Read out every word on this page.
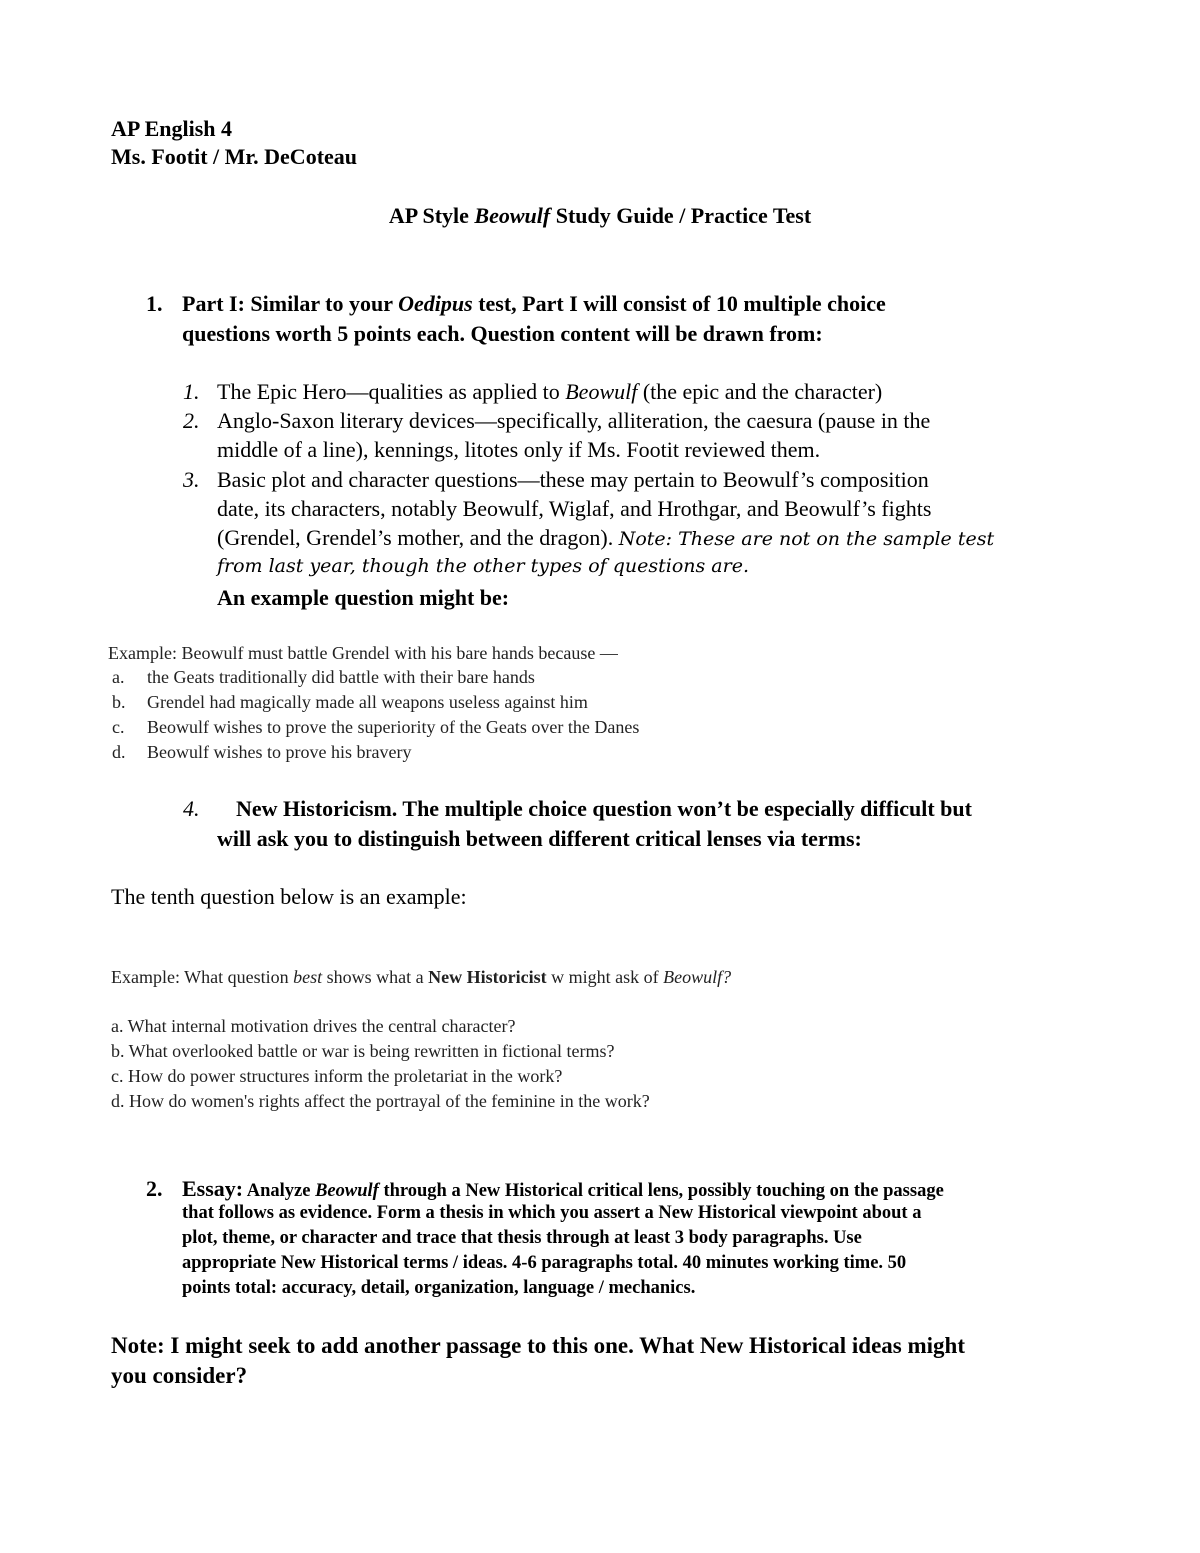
AP English 4
Ms. Footit / Mr. DeCoteau
AP Style Beowulf Study Guide / Practice Test
1. Part I: Similar to your Oedipus test, Part I will consist of 10 multiple choice
questions worth 5 points each. Question content will be drawn from:
1. The Epic Hero—qualities as applied to Beowulf (the epic and the character)
2. Anglo-Saxon literary devices—specifically, alliteration, the caesura (pause in the
middle of a line), kennings, litotes only if Ms. Footit reviewed them.
3. Basic plot and character questions—these may pertain to Beowulf’s composition
date, its characters, notably Beowulf, Wiglaf, and Hrothgar, and Beowulf’s fights
(Grendel, Grendel’s mother, and the dragon). Note: These are not on the sample test
from last year, though the other types of questions are.
An example question might be:
Example: Beowulf must battle Grendel with his bare hands because —
a. the Geats traditionally did battle with their bare hands
b. Grendel had magically made all weapons useless against him
c. Beowulf wishes to prove the superiority of the Geats over the Danes
d. Beowulf wishes to prove his bravery
4. New Historicism. The multiple choice question won’t be especially difficult but
will ask you to distinguish between different critical lenses via terms:
The tenth question below is an example:
Example: What question best shows what a New Historicist w might ask of Beowulf?
a. What internal motivation drives the central character?
b. What overlooked battle or war is being rewritten in fictional terms?
c. How do power structures inform the proletariat in the work?
d. How do women's rights affect the portrayal of the feminine in the work?
2. Essay: Analyze Beowulf through a New Historical critical lens, possibly touching on the passage
that follows as evidence. Form a thesis in which you assert a New Historical viewpoint about a
plot, theme, or character and trace that thesis through at least 3 body paragraphs. Use
appropriate New Historical terms / ideas. 4-6 paragraphs total. 40 minutes working time. 50
points total: accuracy, detail, organization, language / mechanics.
Note: I might seek to add another passage to this one. What New Historical ideas might
you consider?
